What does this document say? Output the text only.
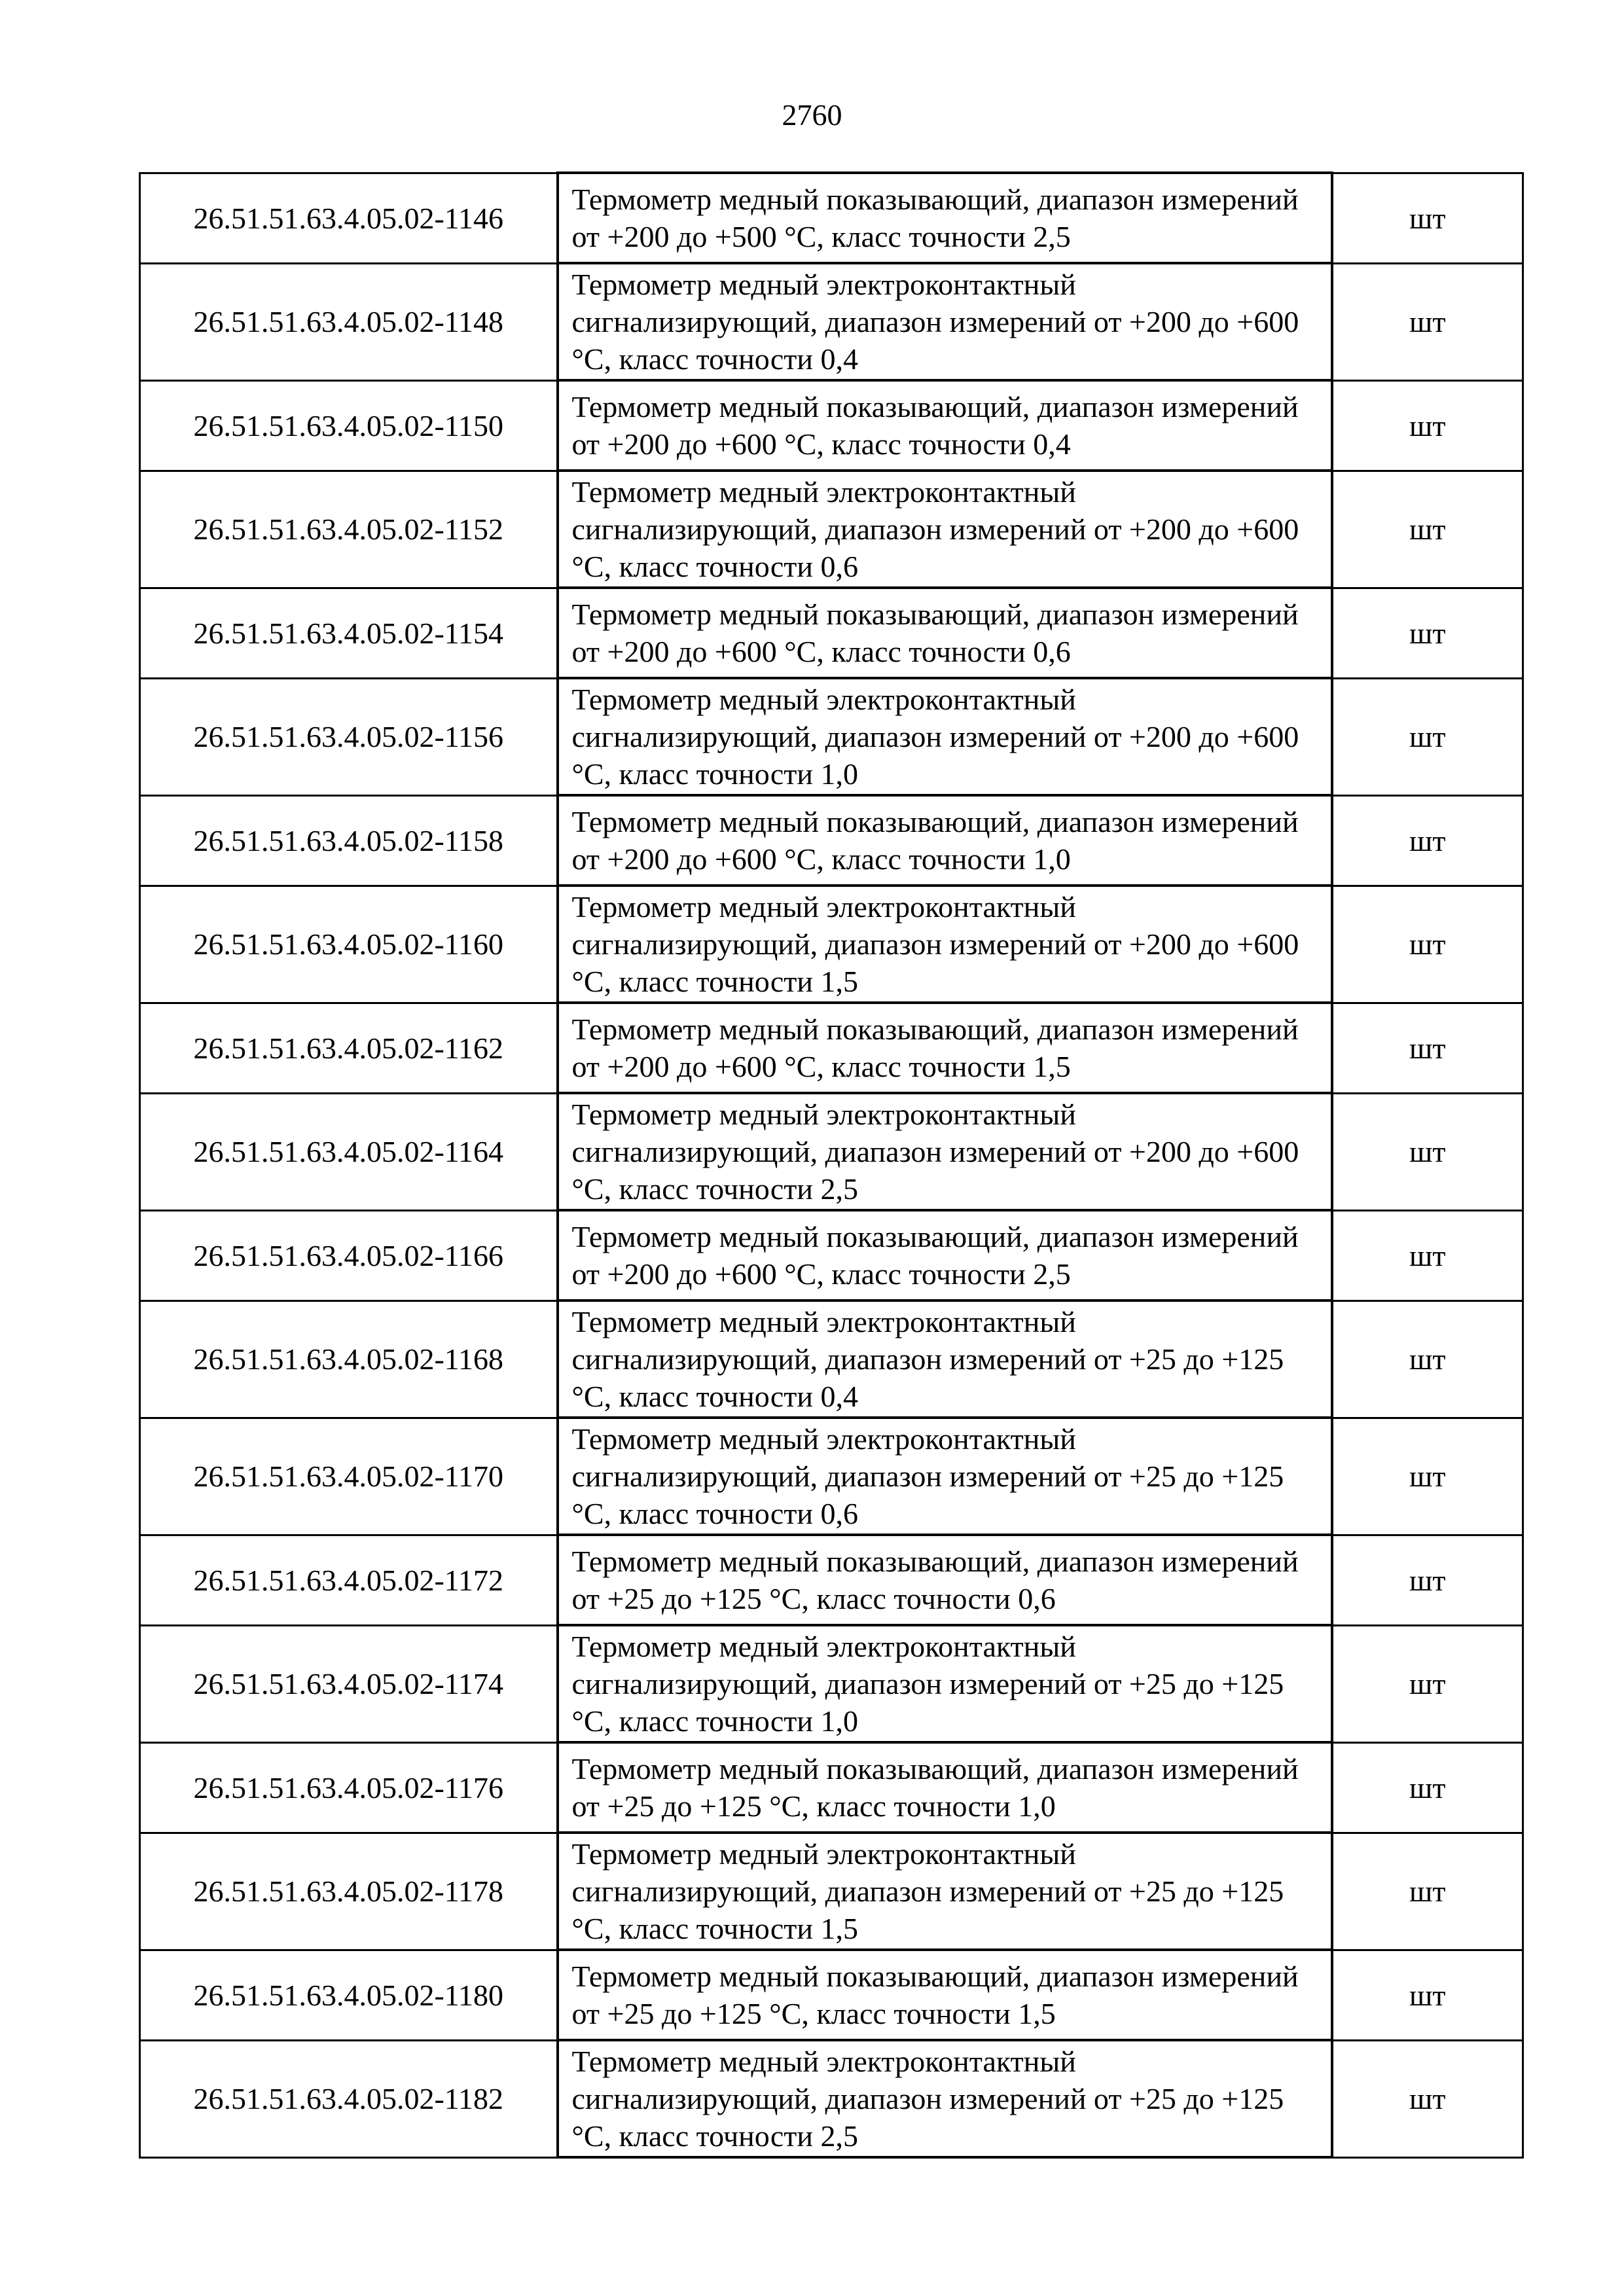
2760
26.51.51.63.4.05.02-1146	Термометр медный показывающий, диапазон измерений от +200 до +500 °С, класс точности 2,5	шт
26.51.51.63.4.05.02-1148	Термометр медный электроконтактный сигнализирующий, диапазон измерений от +200 до +600 °С, класс точности 0,4	шт
26.51.51.63.4.05.02-1150	Термометр медный показывающий, диапазон измерений от +200 до +600 °С, класс точности 0,4	шт
26.51.51.63.4.05.02-1152	Термометр медный электроконтактный сигнализирующий, диапазон измерений от +200 до +600 °С, класс точности 0,6	шт
26.51.51.63.4.05.02-1154	Термометр медный показывающий, диапазон измерений от +200 до +600 °С, класс точности 0,6	шт
26.51.51.63.4.05.02-1156	Термометр медный электроконтактный сигнализирующий, диапазон измерений от +200 до +600 °С, класс точности 1,0	шт
26.51.51.63.4.05.02-1158	Термометр медный показывающий, диапазон измерений от +200 до +600 °С, класс точности 1,0	шт
26.51.51.63.4.05.02-1160	Термометр медный электроконтактный сигнализирующий, диапазон измерений от +200 до +600 °С, класс точности 1,5	шт
26.51.51.63.4.05.02-1162	Термометр медный показывающий, диапазон измерений от +200 до +600 °С, класс точности 1,5	шт
26.51.51.63.4.05.02-1164	Термометр медный электроконтактный сигнализирующий, диапазон измерений от +200 до +600 °С, класс точности 2,5	шт
26.51.51.63.4.05.02-1166	Термометр медный показывающий, диапазон измерений от +200 до +600 °С, класс точности 2,5	шт
26.51.51.63.4.05.02-1168	Термометр медный электроконтактный сигнализирующий, диапазон измерений от +25 до +125 °С, класс точности 0,4	шт
26.51.51.63.4.05.02-1170	Термометр медный электроконтактный сигнализирующий, диапазон измерений от +25 до +125 °С, класс точности 0,6	шт
26.51.51.63.4.05.02-1172	Термометр медный показывающий, диапазон измерений от +25 до +125 °С, класс точности 0,6	шт
26.51.51.63.4.05.02-1174	Термометр медный электроконтактный сигнализирующий, диапазон измерений от +25 до +125 °С, класс точности 1,0	шт
26.51.51.63.4.05.02-1176	Термометр медный показывающий, диапазон измерений от +25 до +125 °С, класс точности 1,0	шт
26.51.51.63.4.05.02-1178	Термометр медный электроконтактный сигнализирующий, диапазон измерений от +25 до +125 °С, класс точности 1,5	шт
26.51.51.63.4.05.02-1180	Термометр медный показывающий, диапазон измерений от +25 до +125 °С, класс точности 1,5	шт
26.51.51.63.4.05.02-1182	Термометр медный электроконтактный сигнализирующий, диапазон измерений от +25 до +125 °С, класс точности 2,5	шт
